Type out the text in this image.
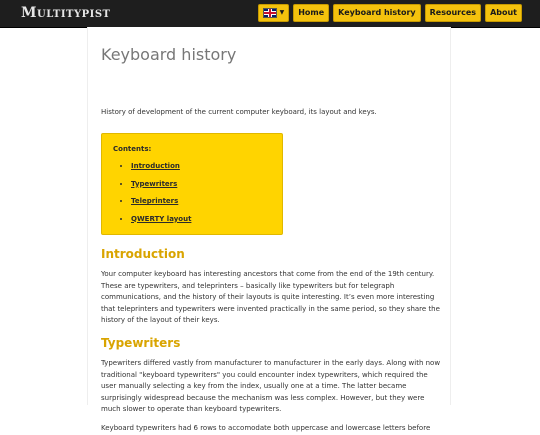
Multitypist	▼ Home Keyboard history Resources About
Keyboard history

History of development of the current computer keyboard, its layout and keys.

Contents:
• Introduction
• Typewriters
• Teleprinters
• QWERTY layout
Introduction

Your computer keyboard has interesting ancestors that come from the end of the 19th century. These are typewriters, and teleprinters – basically like typewriters but for telegraph communications, and the history of their layouts is quite interesting. It’s even more interesting that teleprinters and typewriters were invented practically in the same period, so they share the history of the layout of their keys.

Typewriters

Typewriters differed vastly from manufacturer to manufacturer in the early days. Along with now traditional "keyboard typewriters" you could encounter index typewriters, which required the user manually selecting a key from the index, usually one at a time. The latter became surprisingly widespread because the mechanism was less complex. However, but they were much slower to operate than keyboard typewriters.

Keyboard typewriters had 6 rows to accomodate both uppercase and lowercase letters before
